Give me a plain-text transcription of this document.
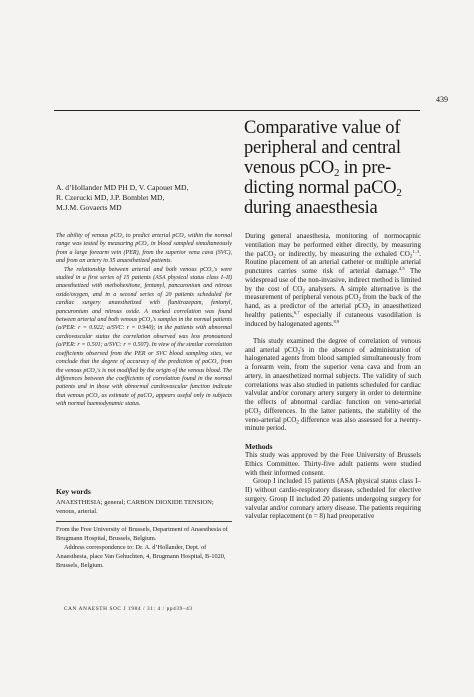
439
Comparative value of
peripheral and central
venous pCO$_2$ in pre-
dicting normal paCO$_2$
during anaesthesia
A. d’Hollander MD PH D, V. Capouet MD,
R. Czerucki MD, J.P. Bomblet MD,
M.J.M. Govaerts MD

The ability of venous pCO₂ to predict arterial pCO₂ within the normal range was tested by measuring pCO₂ in blood sampled simultaneously from a large forearm vein (PER), from the superior vena cava (SVC), and from an artery in 35 anaesthetized patients.

The relationship between arterial and both venous pCO₂'s were studied in a first series of 15 patients (ASA physical status class I–II) anaesthetized with methohexitone, fentanyl, pancuronium and nitrous oxide/oxygen, and in a second series of 20 patients scheduled for cardiac surgery anaesthetized with flunitrazepam, fentanyl, pancuronium and nitrous oxide. A marked correlation was found between arterial and both venous pCO₂'s samples in the normal patients (a/PER: r = 0.922; a/SVC: r = 0.940); in the patients with abnormal cardiovascular status the correlation observed was less pronounced (a/PER: r = 0.501; a/SVC: r = 0.507). In view of the similar correlation coefficients observed from the PER or SVC blood sampling sites, we conclude that the degree of accuracy of the prediction of paCO₂ from the venous pCO₂'s is not modified by the origin of the venous blood. The differences between the coefficients of correlation found in the normal patients and in those with abnormal cardiovascular function indicate that venous pCO₂ as estimate of paCO₂ appears useful only in subjects with normal haemodynamic status.

Key words
ANAESTHESIA; general; CARBON DIOXIDE TENSION; venous, arterial.

From the Free University of Brussels, Department of Anaesthesia of Brugmann Hospital, Brussels, Belgium.

Address correspondence to: Dr. A. d’Hollander, Dept. of Anaesthesia, place Van Gehuchten, 4, Brugmann Hospital, B-1020, Brussels, Belgium.

CAN ANAESTH SOC J 1984 / 31: 4 / pp439–43

During general anaesthesia, monitoring of normocapnic ventilation may be performed either directly, by measuring the paCO$_2$ or indirectly, by measuring the exhaled $CO_2^{1-3}$. Routine placement of an arterial catheter or multiple arterial punctures carries some risk of arterial damage.$^{4,5}$ The widespread use of the non-invasive, indirect method is limited by the cost of $CO_2$ analysers. A simple alternative is the measurement of peripheral venous pCO$_2$ from the back of the hand, as a predictor of the arterial pCO$_2$ in anaesthetized healthy patients,$^{6,7}$ especially if cutaneous vasodilation is induced by halogenated agents.$^{8,9}$

This study examined the degree of correlation of venous and arterial pCO$_2$'s in the absence of administration of halogenated agents from blood sampled simultaneously from a forearm vein, from the superior vena cava and from an artery, in anaesthetized normal subjects. The validity of such correlations was also studied in patients scheduled for cardiac valvular and/or coronary artery surgery in order to determine the effects of abnormal cardiac function on veno-arterial pCO$_2$ differences. In the latter patients, the stability of the veno-arterial pCO$_2$ difference was also assessed for a twenty-minute period.

Methods

This study was approved by the Free University of Brussels Ethics Committee. Thirty-five adult patients were studied with their informed consent.

Group I included 15 patients (ASA physical status class I–II) without cardio-respiratory disease, scheduled for elective surgery. Group II included 20 patients undergoing surgery for valvular and/or coronary artery disease. The patients requiring valvular replacement (n = 8) had preoperative
